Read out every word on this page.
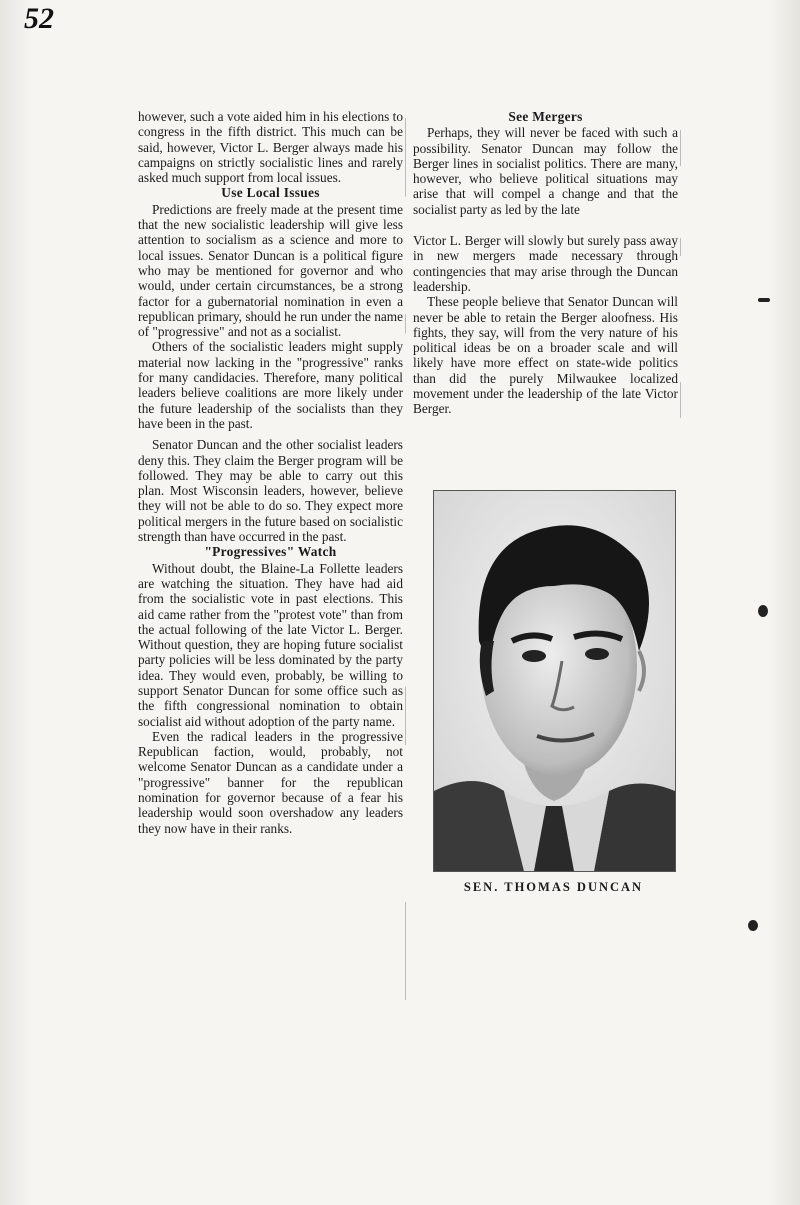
52

however, such a vote aided him in his elections to congress in the fifth district. This much can be said, however, Victor L. Berger always made his campaigns on strictly socialistic lines and rarely asked much support from local issues.

Use Local Issues

Predictions are freely made at the present time that the new socialistic leadership will give less attention to socialism as a science and more to local issues. Senator Duncan is a political figure who may be mentioned for governor and who would, under certain circumstances, be a strong factor for a gubernatorial nomination in even a republican primary, should he run under the name of "progressive" and not as a socialist.

Others of the socialistic leaders might supply material now lacking in the "progressive" ranks for many candidacies. Therefore, many political leaders believe coalitions are more likely under the future leadership of the socialists than they have been in the past.

Senator Duncan and the other socialist leaders deny this. They claim the Berger program will be followed. They may be able to carry out this plan. Most Wisconsin leaders, however, believe they will not be able to do so. They expect more political mergers in the future based on socialistic strength than have occurred in the past.

"Progressives" Watch

Without doubt, the Blaine-La Follette leaders are watching the situation. They have had aid from the socialistic vote in past elections. This aid came rather from the "protest vote" than from the actual following of the late Victor L. Berger. Without question, they are hoping future socialist party policies will be less dominated by the party idea. They would even, probably, be willing to support Senator Duncan for some office such as the fifth congressional nomination to obtain socialist aid without adoption of the party name.

Even the radical leaders in the progressive Republican faction, would, probably, not welcome Senator Duncan as a candidate under a "progressive" banner for the republican nomination for governor because of a fear his leadership would soon overshadow any leaders they now have in their ranks.

See Mergers

Perhaps, they will never be faced with such a possibility. Senator Duncan may follow the Berger lines in socialist politics. There are many, however, who believe political situations may arise that will compel a change and that the socialist party as led by the late

Victor L. Berger will slowly but surely pass away in new mergers made necessary through contingencies that may arise through the Duncan leadership.

These people believe that Senator Duncan will never be able to retain the Berger aloofness. His fights, they say, will from the very nature of his political ideas be on a broader scale and will likely have more effect on state-wide politics than did the purely Milwaukee localized movement under the leadership of the late Victor Berger.

SEN. THOMAS DUNCAN
